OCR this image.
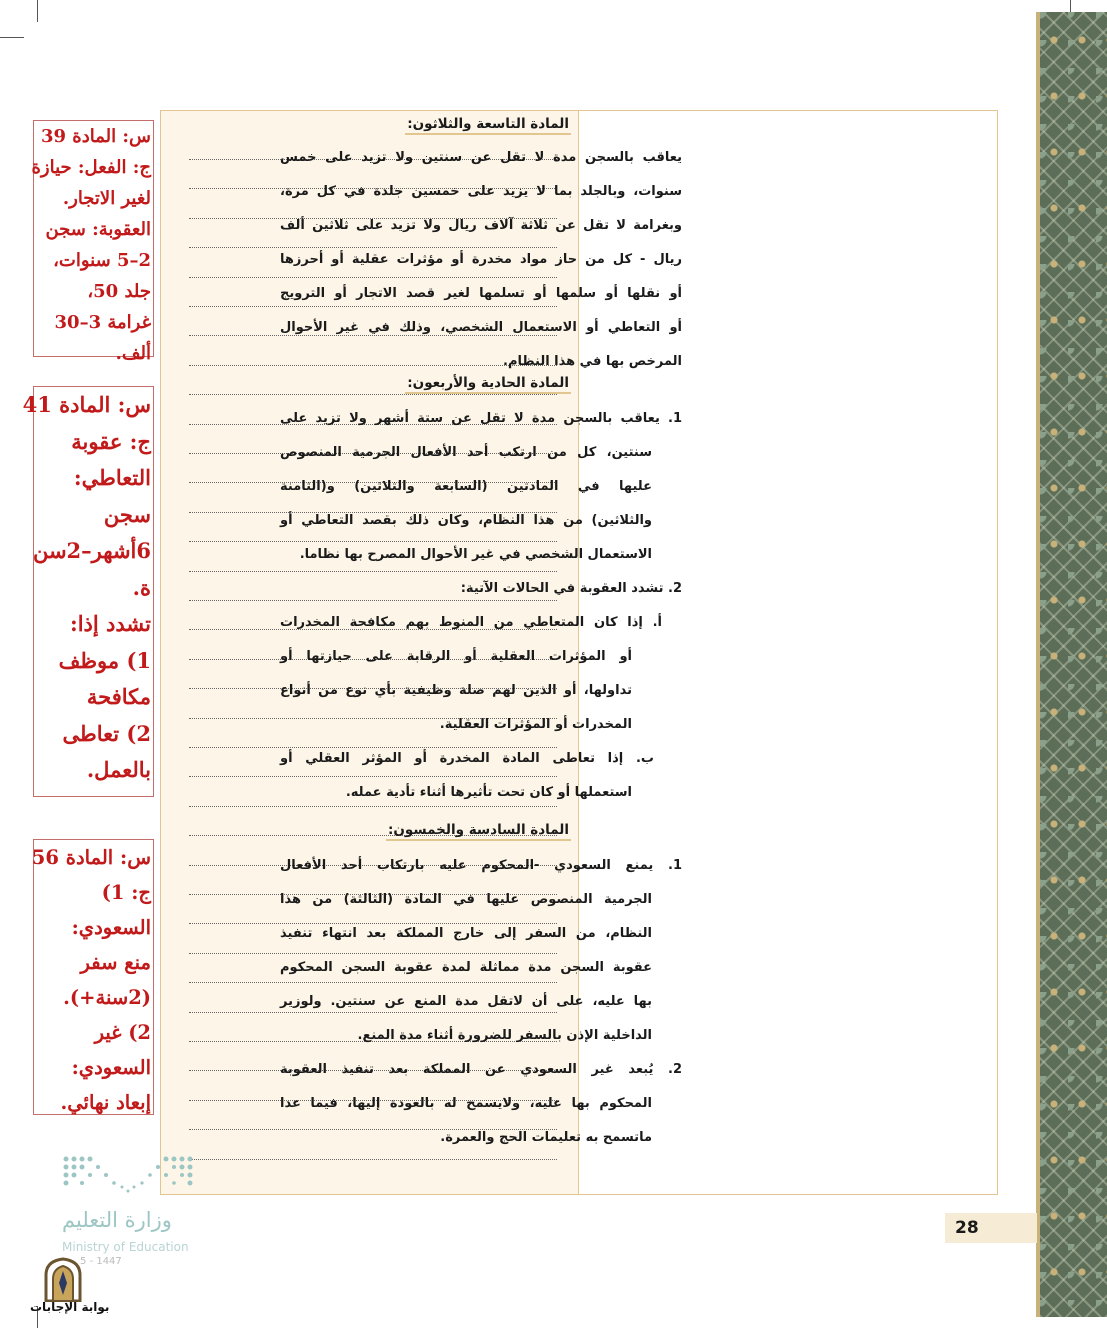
المادة التاسعة والثلاثون:
يعاقب بالسجن مدة لا تقل عن سنتين ولا تزيد على خمس
سنوات، وبالجلد بما لا يزيد على خمسين جلدة في كل مرة،
وبغرامة لا تقل عن ثلاثة آلاف ريال ولا تزيد على ثلاثين ألف
ريال - كل من حاز مواد مخدرة أو مؤثرات عقلية أو أحرزها
أو نقلها أو سلمها أو تسلمها لغير قصد الاتجار أو الترويج
أو التعاطي أو الاستعمال الشخصي، وذلك في غير الأحوال
المرخص بها في هذا النظام.
المادة الحادية والأربعون:
1. يعاقب بالسجن مدة لا تقل عن ستة أشهر ولا تزيد على
سنتين، كل من ارتكب أحد الأفعال الجرمية المنصوص
عليها في المادتين (السابعة والثلاثين) و(الثامنة
والثلاثين) من هذا النظام، وكان ذلك بقصد التعاطي أو
الاستعمال الشخصي في غير الأحوال المصرح بها نظاما.
2. تشدد العقوبة في الحالات الآتية:
أ. إذا كان المتعاطي من المنوط بهم مكافحة المخدرات
أو المؤثرات العقلية أو الرقابة على حيازتها أو
تداولها، أو الذين لهم صلة وظيفية بأي نوع من أنواع
المخدرات أو المؤثرات العقلية.
ب. إذا تعاطى المادة المخدرة أو المؤثر العقلي أو
استعملها أو كان تحت تأثيرها أثناء تأدية عمله.
المادة السادسة والخمسون:
1. يمنع السعودي -المحكوم عليه بارتكاب أحد الأفعال
الجرمية المنصوص عليها في المادة (الثالثة) من هذا
النظام، من السفر إلى خارج المملكة بعد انتهاء تنفيذ
عقوبة السجن مدة مماثلة لمدة عقوبة السجن المحكوم
بها عليه، على أن لاتقل مدة المنع عن سنتين. ولوزير
الداخلية الإذن بالسفر للضرورة أثناء مدة المنع.
2. يُبعد غير السعودي عن المملكة بعد تنفيذ العقوبة
المحكوم بها عليه، ولايسمح له بالعودة إليها، فيما عدا
ماتسمح به تعليمات الحج والعمرة.
س: المادة 39
ج: الفعل: حيازة
لغير الاتجار.
العقوبة: سجن
2–5 سنوات،
جلد 50،
غرامة 3–30
ألف.
س: المادة 41
ج: عقوبة
التعاطي:
سجن
6أشهر–2سن
ة.
تشدد إذا:
1) موظف
مكافحة
2) تعاطى
بالعمل.
س: المادة 56
ج: 1)
السعودي:
منع سفر
(2سنة+).
2) غير
السعودي:
إبعاد نهائي.
وزارة التعليم
Ministry of Education
5 - 1447
بوابة الإجابات
28
